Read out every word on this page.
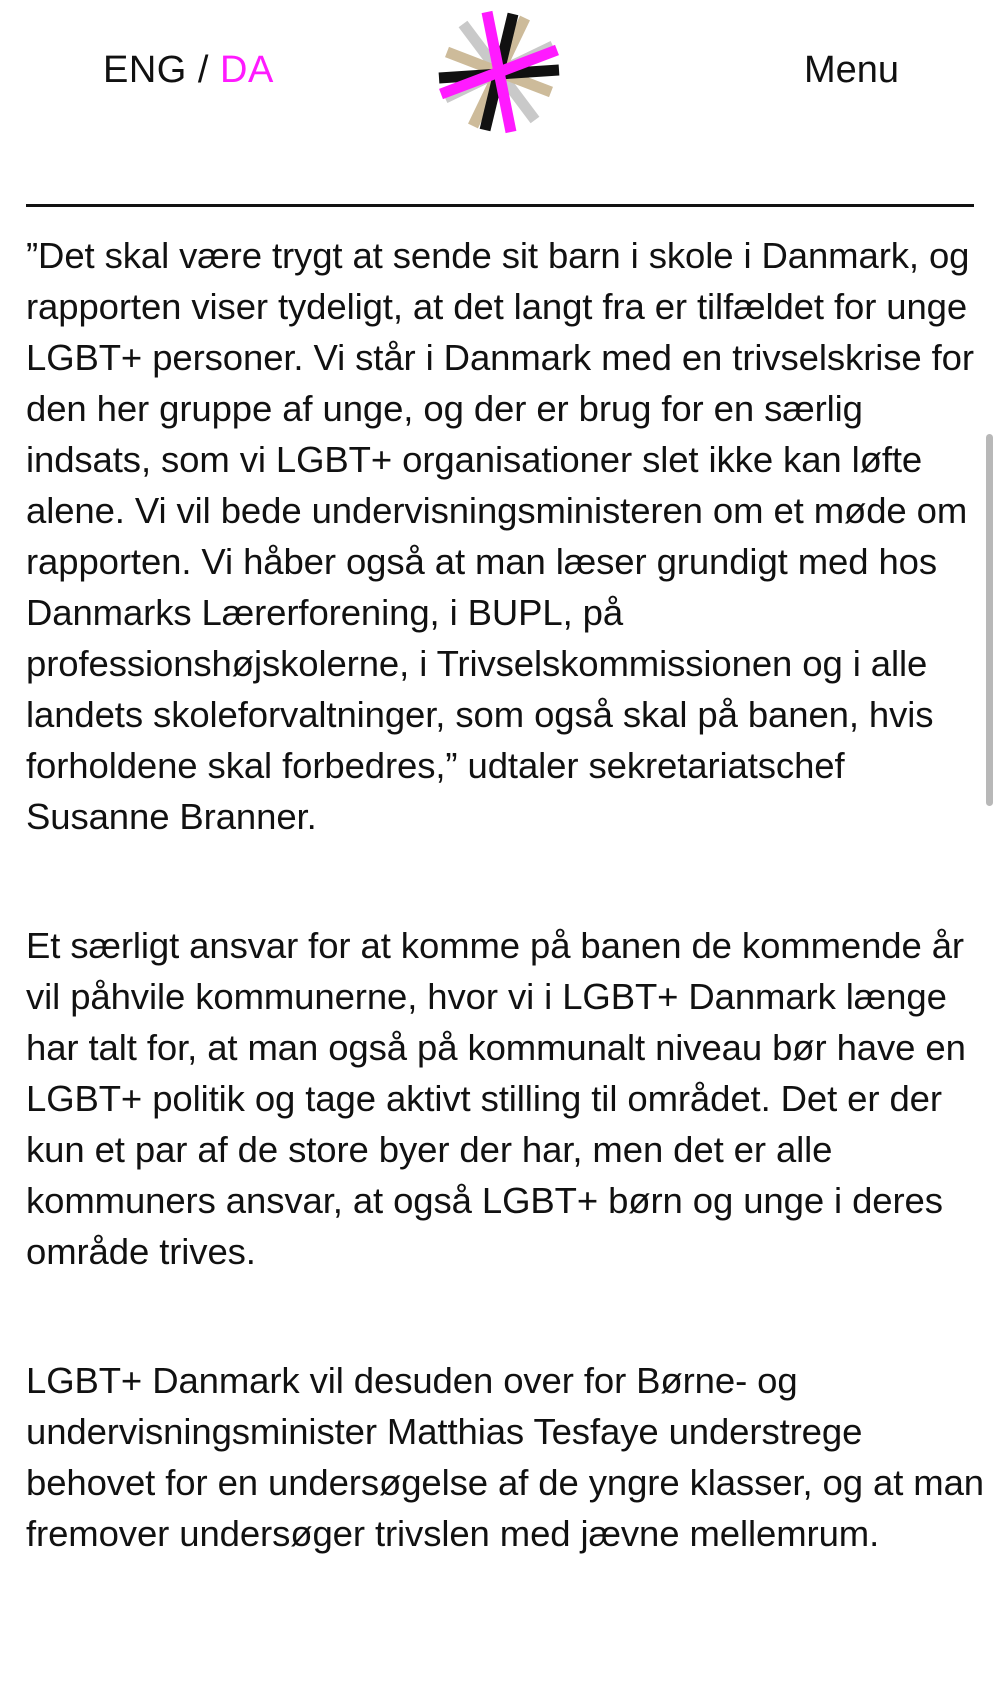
ENG / DA	Menu

”Det skal være trygt at sende sit barn i skole i Danmark, og rapporten viser tydeligt, at det langt fra er tilfældet for unge LGBT+ personer. Vi står i Danmark med en trivselskrise for den her gruppe af unge, og der er brug for en særlig indsats, som vi LGBT+ organisationer slet ikke kan løfte alene. Vi vil bede undervisningsministeren om et møde om rapporten. Vi håber også at man læser grundigt med hos Danmarks Lærerforening, i BUPL, på professionshøjskolerne, i Trivselskommissionen og i alle landets skoleforvaltninger, som også skal på banen, hvis forholdene skal forbedres,” udtaler sekretariatschef Susanne Branner.

Et særligt ansvar for at komme på banen de kommende år vil påhvile kommunerne, hvor vi i LGBT+ Danmark længe har talt for, at man også på kommunalt niveau bør have en LGBT+ politik og tage aktivt stilling til området. Det er der kun et par af de store byer der har, men det er alle kommuners ansvar, at også LGBT+ børn og unge i deres område trives.

LGBT+ Danmark vil desuden over for Børne- og undervisningsminister Matthias Tesfaye understrege behovet for en undersøgelse af de yngre klasser, og at man fremover undersøger trivslen med jævne mellemrum.
